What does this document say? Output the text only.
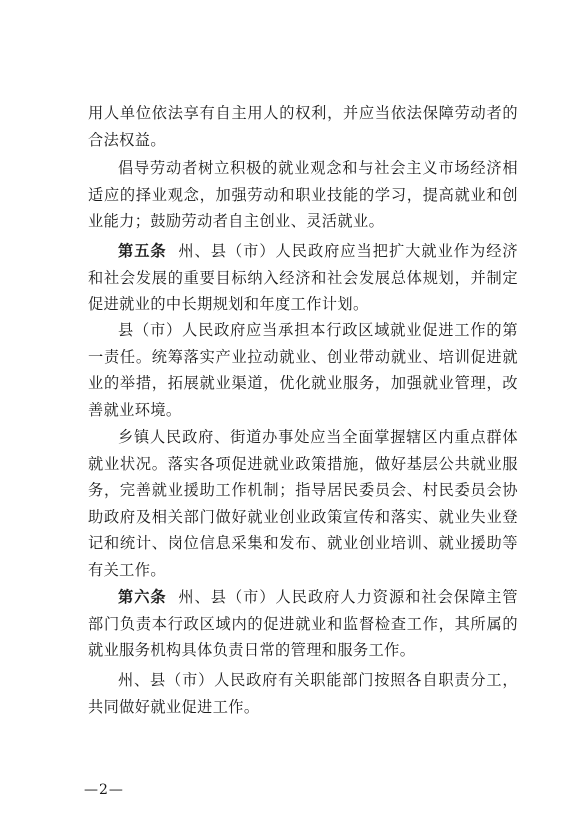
用人单位依法享有自主用人的权利，并应当依法保障劳动者的合法权益。

倡导劳动者树立积极的就业观念和与社会主义市场经济相适应的择业观念，加强劳动和职业技能的学习，提高就业和创业能力；鼓励劳动者自主创业、灵活就业。

第五条 州、县（市）人民政府应当把扩大就业作为经济和社会发展的重要目标纳入经济和社会发展总体规划，并制定促进就业的中长期规划和年度工作计划。

县（市）人民政府应当承担本行政区域就业促进工作的第一责任。统筹落实产业拉动就业、创业带动就业、培训促进就业的举措，拓展就业渠道，优化就业服务，加强就业管理，改善就业环境。

乡镇人民政府、街道办事处应当全面掌握辖区内重点群体就业状况。落实各项促进就业政策措施，做好基层公共就业服务，完善就业援助工作机制；指导居民委员会、村民委员会协助政府及相关部门做好就业创业政策宣传和落实、就业失业登记和统计、岗位信息采集和发布、就业创业培训、就业援助等有关工作。

第六条 州、县（市）人民政府人力资源和社会保障主管部门负责本行政区域内的促进就业和监督检查工作，其所属的就业服务机构具体负责日常的管理和服务工作。

州、县（市）人民政府有关职能部门按照各自职责分工，共同做好就业促进工作。

—2—
